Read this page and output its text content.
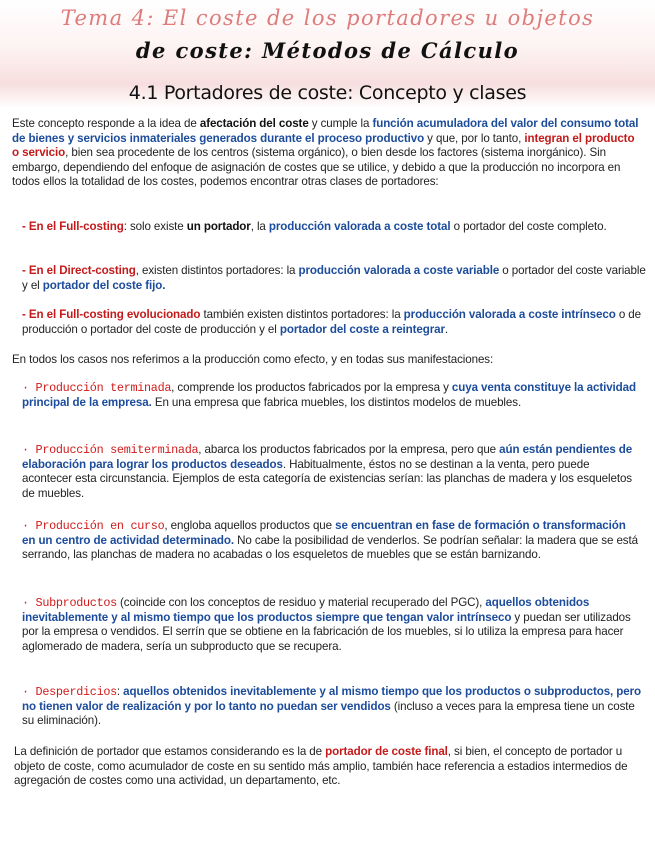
Tema 4: El coste de los portadores u objetos
de coste: Métodos de Cálculo
4.1 Portadores de coste: Concepto y clases

Este concepto responde a la idea de afectación del coste y cumple la función acumuladora del valor del consumo total de bienes y servicios inmateriales generados durante el proceso productivo y que, por lo tanto, integran el producto o servicio, bien sea procedente de los centros (sistema orgánico), o bien desde los factores (sistema inorgánico). Sin embargo, dependiendo del enfoque de asignación de costes que se utilice, y debido a que la producción no incorpora en todos ellos la totalidad de los costes, podemos encontrar otras clases de portadores:

- En el Full-costing: solo existe un portador, la producción valorada a coste total o portador del coste completo.

- En el Direct-costing, existen distintos portadores: la producción valorada a coste variable o portador del coste variable y el portador del coste fijo.

- En el Full-costing evolucionado también existen distintos portadores: la producción valorada a coste intrínseco o de producción o portador del coste de producción y el portador del coste a reintegrar.

En todos los casos nos referimos a la producción como efecto, y en todas sus manifestaciones:

· Producción terminada, comprende los productos fabricados por la empresa y cuya venta constituye la actividad principal de la empresa. En una empresa que fabrica muebles, los distintos modelos de muebles.

· Producción semiterminada, abarca los productos fabricados por la empresa, pero que aún están pendientes de elaboración para lograr los productos deseados. Habitualmente, éstos no se destinan a la venta, pero puede acontecer esta circunstancia. Ejemplos de esta categoría de existencias serían: las planchas de madera y los esqueletos de muebles.

· Producción en curso, engloba aquellos productos que se encuentran en fase de formación o transformación en un centro de actividad determinado. No cabe la posibilidad de venderlos. Se podrían señalar: la madera que se está serrando, las planchas de madera no acabadas o los esqueletos de muebles que se están barnizando.

· Subproductos (coincide con los conceptos de residuo y material recuperado del PGC), aquellos obtenidos inevitablemente y al mismo tiempo que los productos siempre que tengan valor intrínseco y puedan ser utilizados por la empresa o vendidos. El serrín que se obtiene en la fabricación de los muebles, si lo utiliza la empresa para hacer aglomerado de madera, sería un subproducto que se recupera.

· Desperdicios: aquellos obtenidos inevitablemente y al mismo tiempo que los productos o subproductos, pero no tienen valor de realización y por lo tanto no puedan ser vendidos (incluso a veces para la empresa tiene un coste su eliminación).

La definición de portador que estamos considerando es la de portador de coste final, si bien, el concepto de portador u objeto de coste, como acumulador de coste en su sentido más amplio, también hace referencia a estadios intermedios de agregación de costes como una actividad, un departamento, etc.
